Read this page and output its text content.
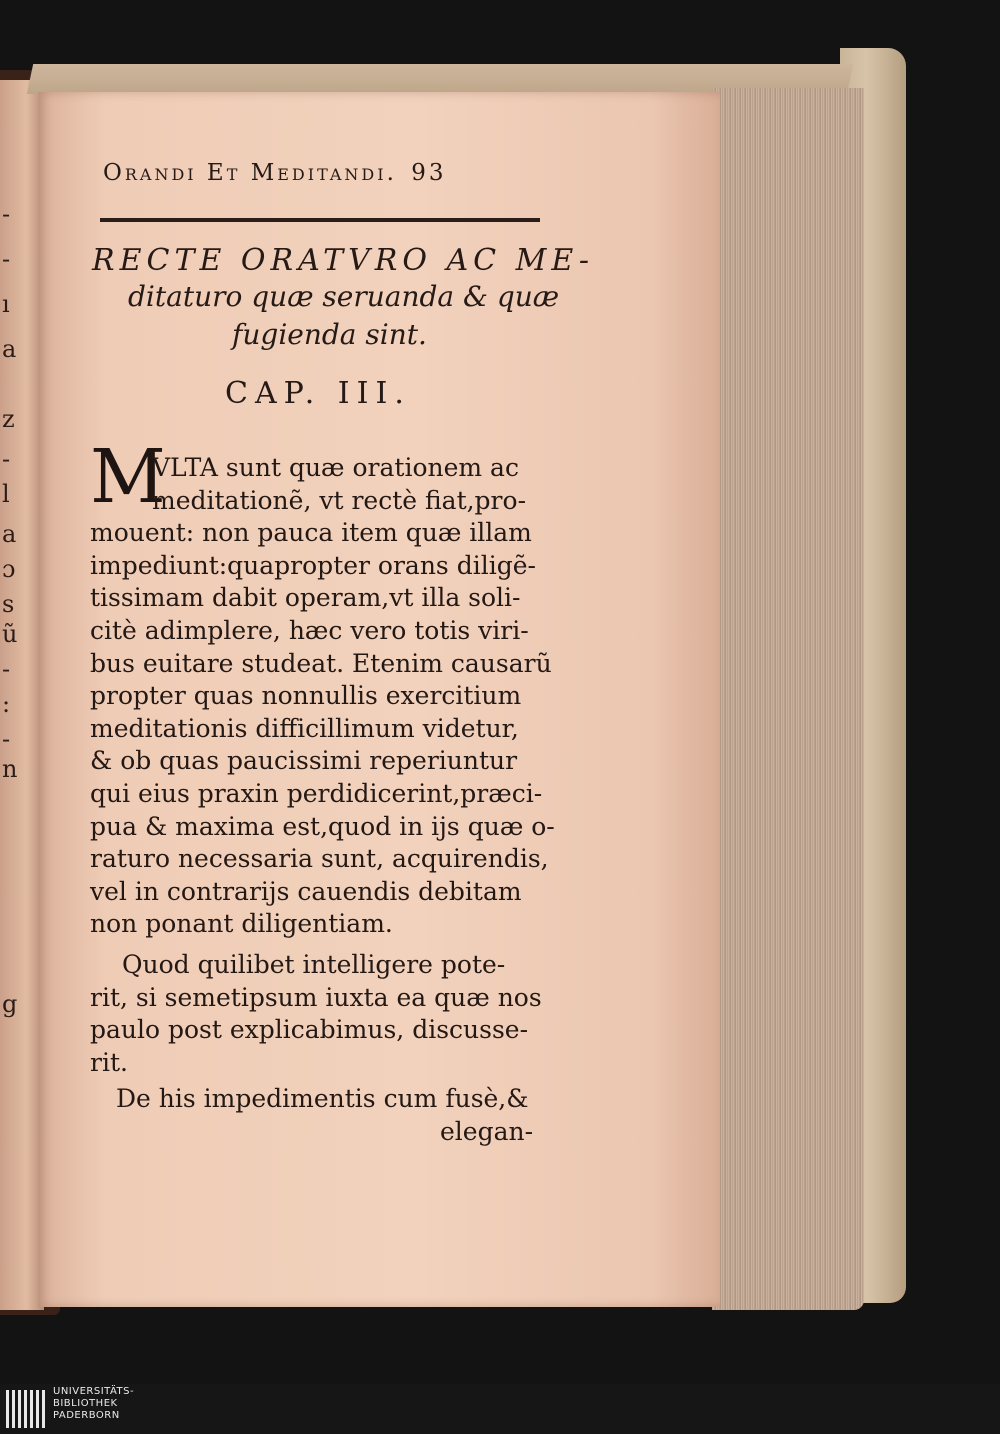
-
-
ı
a
z
-
l
a
ɔ
s
ũ
-
:
-
n
g
Orandi Et Meditandi. 93
RECTE ORATVRO AC ME-
ditaturo quæ seruanda & quæ
fugienda sint.
CAP. III.
M
VLTA sunt quæ orationem ac
meditationẽ, vt rectè fiat,pro-
mouent: non pauca item quæ illam
impediunt:quapropter orans diligẽ-
tissimam dabit operam,vt illa soli-
citè adimplere, hæc vero totis viri-
bus euitare studeat. Etenim causarũ
propter quas nonnullis exercitium
meditationis difficillimum videtur,
& ob quas paucissimi reperiuntur
qui eius praxin perdidicerint,præci-
pua & maxima est,quod in ijs quæ o-
raturo necessaria sunt, acquirendis,
vel in contrarijs cauendis debitam
non ponant diligentiam.
Quod quilibet intelligere pote-
rit, si semetipsum iuxta ea quæ nos
paulo post explicabimus, discusse-
rit.
De his impedimentis cum fusè,&
elegan-
UNIVERSITÄTS-
BIBLIOTHEK
PADERBORN
